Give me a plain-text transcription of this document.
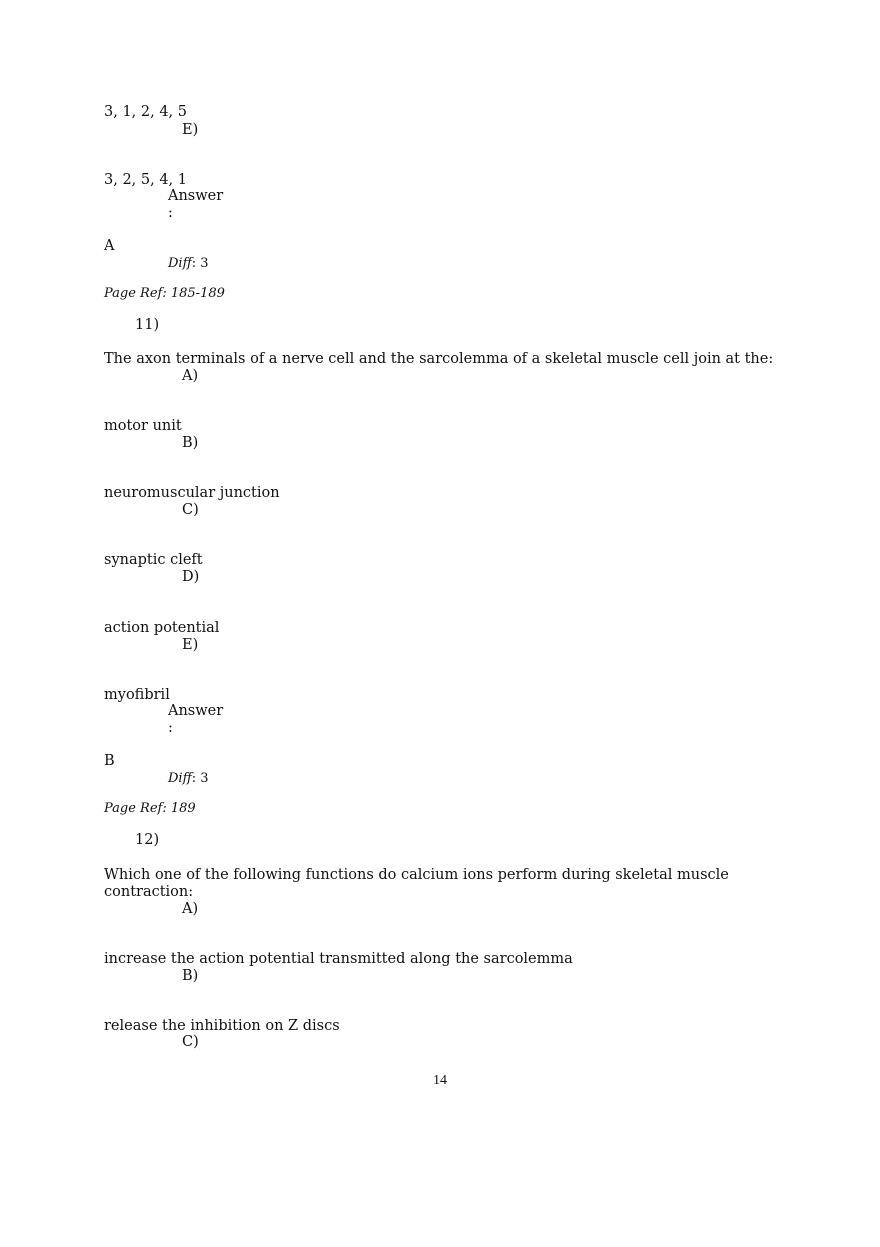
3, 1, 2, 4, 5
E)
3, 2, 5, 4, 1
Answer
:
A
Diff: 3
Page Ref: 185-189
11)
The axon terminals of a nerve cell and the sarcolemma of a skeletal muscle cell join at the:
A)
motor unit
B)
neuromuscular junction
C)
synaptic cleft
D)
action potential
E)
myofibril
Answer
:
B
Diff: 3
Page Ref: 189
12)
Which one of the following functions do calcium ions perform during skeletal muscle contraction:
A)
increase the action potential transmitted along the sarcolemma
B)
release the inhibition on Z discs
C)
14
